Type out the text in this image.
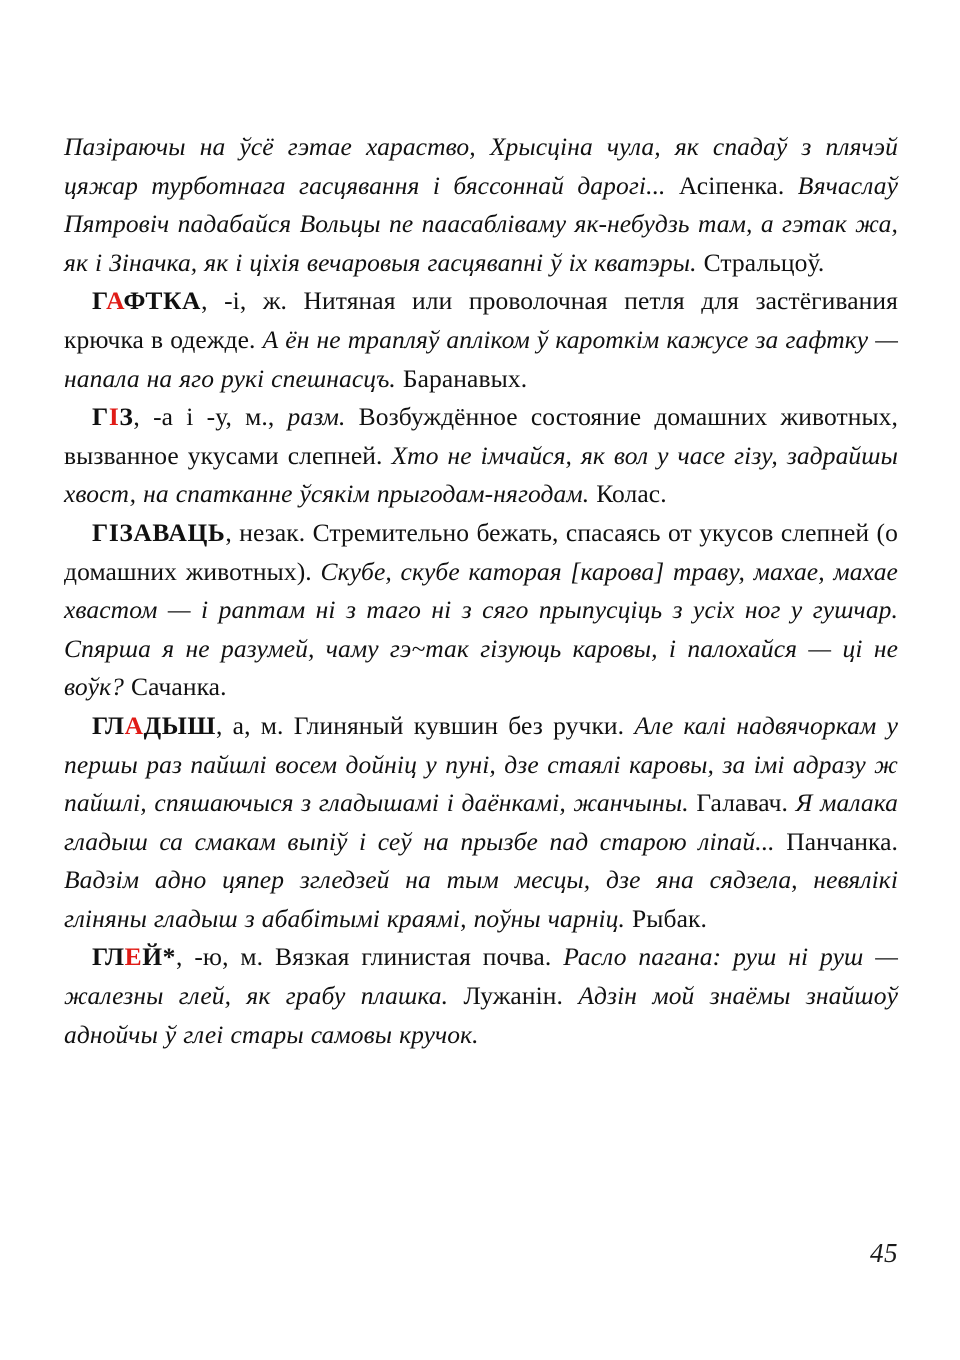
Пазіраючы на ўсё гэтае хараство, Хрысціна чула, як спадаў з плячэй цяжар турботнага гасцявання і бяссоннай дарогі... Асіпенка. Вячаслаў Пятровіч падабайся Вольцы пе паасабліваму як-небудзь там, а гэтак жа, як і Зіначка, як і ціхія вечаровыя гасцявапні ў іх кватэры. Стральцоў.

ГАФТКА, -і, ж. Нитяная или проволочная петля для застёгивания крючка в одежде. А ён не трапляў апліком ў кароткім кажусе за гафтку — напала на яго рукі спешнасцъ. Баранавых.

ГІЗ, -а і -у, м., разм. Возбуждённое состояние домашних животных, вызванное укусами слепней. Хто не імчайся, як вол у часе гізу, задрайшы хвост, на спатканне ўсякім прыгодам-нягодам. Колас.

ГІЗАВАЦЬ, незак. Стремительно бежать, спасаясь от укусов слепней (о домашних животных). Скубе, скубе каторая [карова] траву, махае, махае хвастом — і раптам ні з таго ні з сяго прыпусціць з усіх ног у гушчар. Спярша я не разумей, чаму гэ~так гізуюць каровы, і палохайся — ці не воўк? Сачанка.

ГЛАДЫШ, а, м. Глиняный кувшин без ручки. Але калі надвячоркам у першы раз пайшлі восем дойніц у пуні, дзе стаялі каровы, за імі адразу ж пайшлі, спяшаючыся з гладышамі і даёнкамі, жанчыны. Галавач. Я малака гладыш са смакам выпіў і сеў на прызбе пад старою ліпай... Панчанка. Вадзім адно цяпер згледзей на тым месцы, дзе яна сядзела, невялікі гліняны гладыш з абабітымі краямі, поўны чарніц. Рыбак.

ГЛЕЙ*, -ю, м. Вязкая глинистая почва. Расло пагана: руш ні руш — жалезны глей, як грабу плашка. Лужанін. Адзін мой знаёмы знайшоў аднойчы ў глеі стары самовы кручок.

45
